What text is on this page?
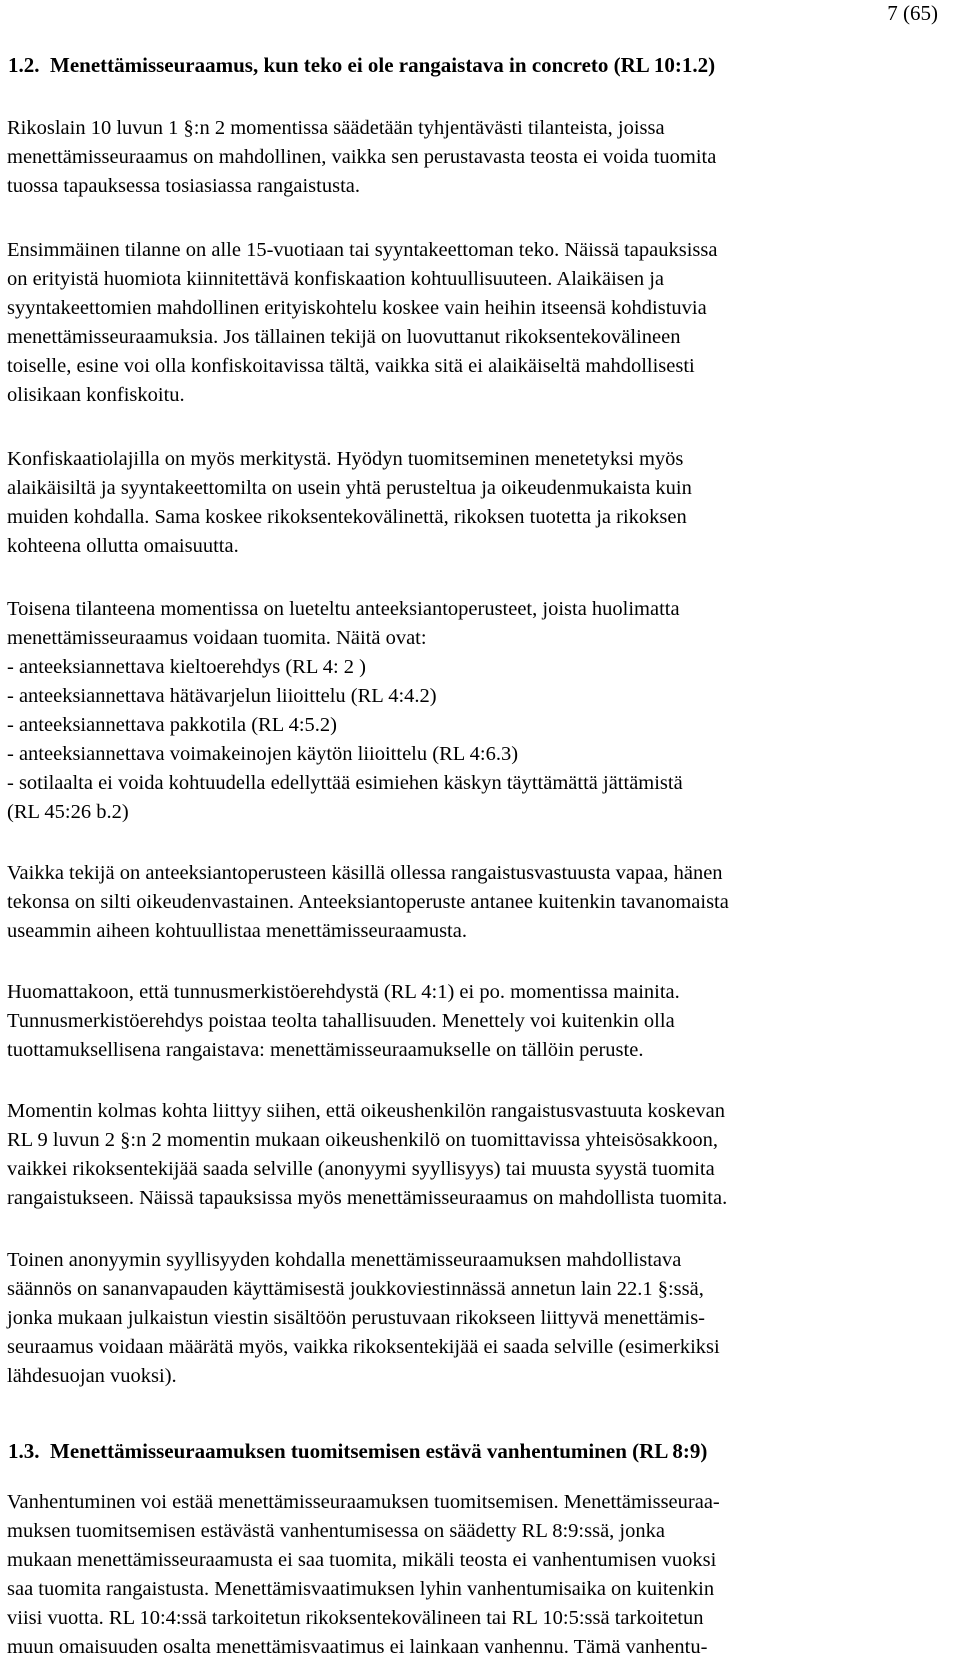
7 (65)
1.2. Menettämisseuraamus, kun teko ei ole rangaistava in concreto (RL 10:1.2)
Rikoslain 10 luvun 1 §:n 2 momentissa säädetään tyhjentävästi tilanteista, joissa
menettämisseuraamus on mahdollinen, vaikka sen perustavasta teosta ei voida tuomita
tuossa tapauksessa tosiasiassa rangaistusta.
Ensimmäinen tilanne on alle 15-vuotiaan tai syyntakeettoman teko. Näissä tapauksissa
on erityistä huomiota kiinnitettävä konfiskaation kohtuullisuuteen. Alaikäisen ja
syyntakeettomien mahdollinen erityiskohtelu koskee vain heihin itseensä kohdistuvia
menettämisseuraamuksia. Jos tällainen tekijä on luovuttanut rikoksentekovälineen
toiselle, esine voi olla konfiskoitavissa tältä, vaikka sitä ei alaikäiseltä mahdollisesti
olisikaan konfiskoitu.
Konfiskaatiolajilla on myös merkitystä. Hyödyn tuomitseminen menetetyksi myös
alaikäisiltä ja syyntakeettomilta on usein yhtä perusteltua ja oikeudenmukaista kuin
muiden kohdalla. Sama koskee rikoksentekovälinettä, rikoksen tuotetta ja rikoksen
kohteena ollutta omaisuutta.
Toisena tilanteena momentissa on lueteltu anteeksiantoperusteet, joista huolimatta
menettämisseuraamus voidaan tuomita. Näitä ovat:
- anteeksiannettava kieltoerehdys (RL 4: 2 )
- anteeksiannettava hätävarjelun liioittelu (RL 4:4.2)
- anteeksiannettava pakkotila (RL 4:5.2)
- anteeksiannettava voimakeinojen käytön liioittelu (RL 4:6.3)
- sotilaalta ei voida kohtuudella edellyttää esimiehen käskyn täyttämättä jättämistä
(RL 45:26 b.2)
Vaikka tekijä on anteeksiantoperusteen käsillä ollessa rangaistusvastuusta vapaa, hänen
tekonsa on silti oikeudenvastainen. Anteeksiantoperuste antanee kuitenkin tavanomaista
useammin aiheen kohtuullistaa menettämisseuraamusta.
Huomattakoon, että tunnusmerkistöerehdystä (RL 4:1) ei po. momentissa mainita.
Tunnusmerkistöerehdys poistaa teolta tahallisuuden. Menettely voi kuitenkin olla
tuottamuksellisena rangaistava: menettämisseuraamukselle on tällöin peruste.
Momentin kolmas kohta liittyy siihen, että oikeushenkilön rangaistusvastuuta koskevan
RL 9 luvun 2 §:n 2 momentin mukaan oikeushenkilö on tuomittavissa yhteisösakkoon,
vaikkei rikoksentekijää saada selville (anonyymi syyllisyys) tai muusta syystä tuomita
rangaistukseen. Näissä tapauksissa myös menettämisseuraamus on mahdollista tuomita.
Toinen anonyymin syyllisyyden kohdalla menettämisseuraamuksen mahdollistava
säännös on sananvapauden käyttämisestä joukkoviestinnässä annetun lain 22.1 §:ssä,
jonka mukaan julkaistun viestin sisältöön perustuvaan rikokseen liittyvä menettämis-
seuraamus voidaan määrätä myös, vaikka rikoksentekijää ei saada selville (esimerkiksi
lähdesuojan vuoksi).
1.3. Menettämisseuraamuksen tuomitsemisen estävä vanhentuminen (RL 8:9)
Vanhentuminen voi estää menettämisseuraamuksen tuomitsemisen. Menettämisseuraa-
muksen tuomitsemisen estävästä vanhentumisessa on säädetty RL 8:9:ssä, jonka
mukaan menettämisseuraamusta ei saa tuomita, mikäli teosta ei vanhentumisen vuoksi
saa tuomita rangaistusta. Menettämisvaatimuksen lyhin vanhentumisaika on kuitenkin
viisi vuotta. RL 10:4:ssä tarkoitetun rikoksentekovälineen tai RL 10:5:ssä tarkoitetun
muun omaisuuden osalta menettämisvaatimus ei lainkaan vanhennu. Tämä vanhentu-
